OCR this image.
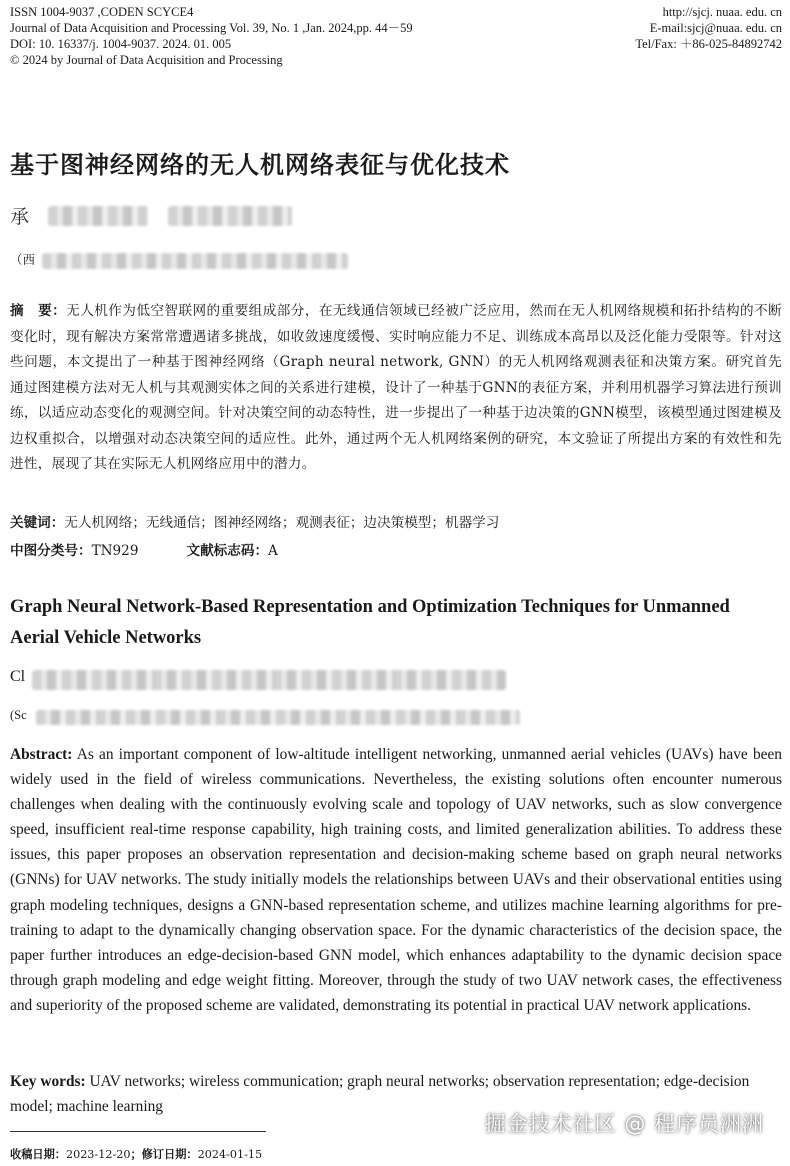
ISSN 1004-9037 ,CODEN SCYCE4
Journal of Data Acquisition and Processing Vol. 39, No. 1 ,Jan. 2024,pp. 44－59
DOI: 10. 16337/j. 1004-9037. 2024. 01. 005
© 2024 by Journal of Data Acquisition and Processing
http://sjcj. nuaa. edu. cn
E-mail:sjcj@nuaa. edu. cn
Tel/Fax: ＋86-025-84892742
基于图神经网络的无人机网络表征与优化技术
承
（西
摘　要：无人机作为低空智联网的重要组成部分，在无线通信领域已经被广泛应用，然而在无人机网络规模和拓扑结构的不断变化时，现有解决方案常常遭遇诸多挑战，如收敛速度缓慢、实时响应能力不足、训练成本高昂以及泛化能力受限等。针对这些问题，本文提出了一种基于图神经网络（Graph neural network, GNN）的无人机网络观测表征和决策方案。研究首先通过图建模方法对无人机与其观测实体之间的关系进行建模，设计了一种基于GNN的表征方案，并利用机器学习算法进行预训练，以适应动态变化的观测空间。针对决策空间的动态特性，进一步提出了一种基于边决策的GNN模型，该模型通过图建模及边权重拟合，以增强对动态决策空间的适应性。此外，通过两个无人机网络案例的研究，本文验证了所提出方案的有效性和先进性，展现了其在实际无人机网络应用中的潜力。
关键词：无人机网络；无线通信；图神经网络；观测表征；边决策模型；机器学习
中图分类号：TN929	文献标志码：A
Graph Neural Network-Based Representation and Optimization Techniques for Unmanned Aerial Vehicle Networks
Cl
(Sc
Abstract: As an important component of low-altitude intelligent networking, unmanned aerial vehicles (UAVs) have been widely used in the field of wireless communications. Nevertheless, the existing solutions often encounter numerous challenges when dealing with the continuously evolving scale and topology of UAV networks, such as slow convergence speed, insufficient real-time response capability, high training costs, and limited generalization abilities. To address these issues, this paper proposes an observation representation and decision-making scheme based on graph neural networks (GNNs) for UAV networks. The study initially models the relationships between UAVs and their observational entities using graph modeling techniques, designs a GNN-based representation scheme, and utilizes machine learning algorithms for pre-training to adapt to the dynamically changing observation space. For the dynamic characteristics of the decision space, the paper further introduces an edge-decision-based GNN model, which enhances adaptability to the dynamic decision space through graph modeling and edge weight fitting. Moreover, through the study of two UAV network cases, the effectiveness and superiority of the proposed scheme are validated, demonstrating its potential in practical UAV network applications.
Key words: UAV networks; wireless communication; graph neural networks; observation representation; edge-decision model; machine learning
掘金技术社区 @ 程序员洲洲
收稿日期：2023-12-20；修订日期：2024-01-15
